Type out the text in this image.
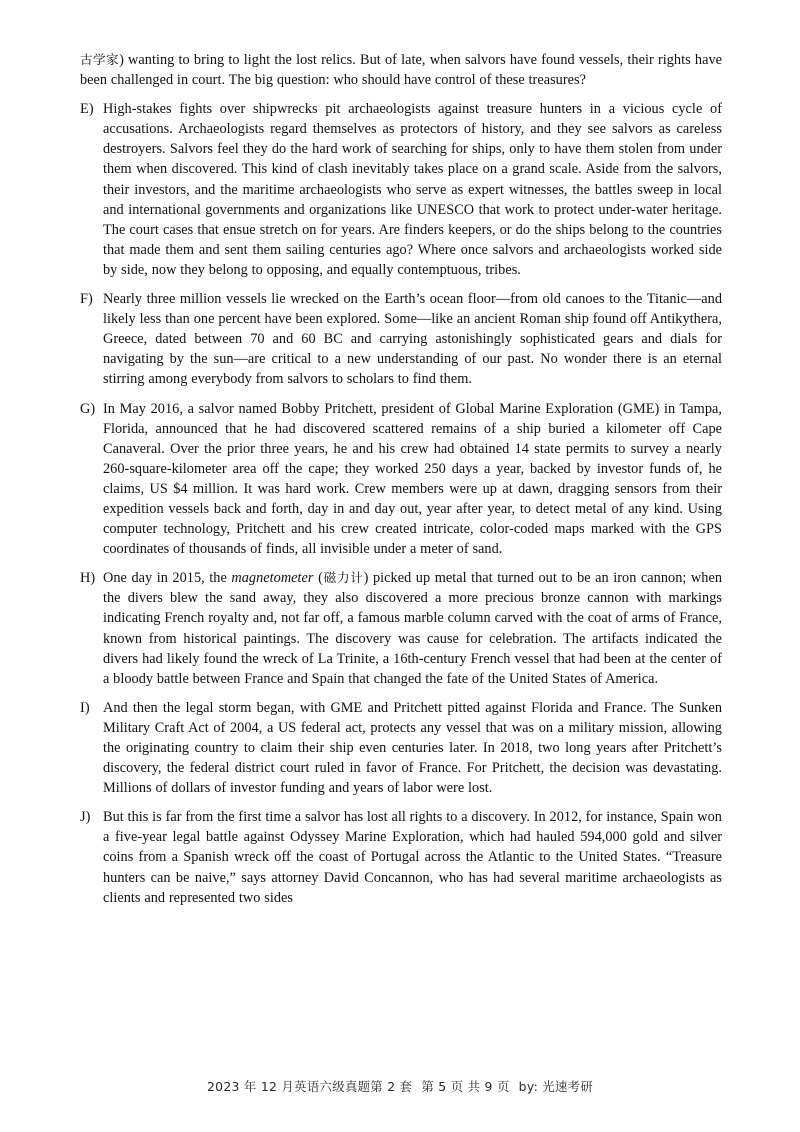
古学家) wanting to bring to light the lost relics. But of late, when salvors have found vessels, their rights have been challenged in court. The big question: who should have control of these treasures?
E) High-stakes fights over shipwrecks pit archaeologists against treasure hunters in a vicious cycle of accusations. Archaeologists regard themselves as protectors of history, and they see salvors as careless destroyers. Salvors feel they do the hard work of searching for ships, only to have them stolen from under them when discovered. This kind of clash inevitably takes place on a grand scale. Aside from the salvors, their investors, and the maritime archaeologists who serve as expert witnesses, the battles sweep in local and international governments and organizations like UNESCO that work to protect under-water heritage. The court cases that ensue stretch on for years. Are finders keepers, or do the ships belong to the countries that made them and sent them sailing centuries ago? Where once salvors and archaeologists worked side by side, now they belong to opposing, and equally contemptuous, tribes.
F) Nearly three million vessels lie wrecked on the Earth’s ocean floor—from old canoes to the Titanic—and likely less than one percent have been explored. Some—like an ancient Roman ship found off Antikythera, Greece, dated between 70 and 60 BC and carrying astonishingly sophisticated gears and dials for navigating by the sun—are critical to a new understanding of our past. No wonder there is an eternal stirring among everybody from salvors to scholars to find them.
G) In May 2016, a salvor named Bobby Pritchett, president of Global Marine Exploration (GME) in Tampa, Florida, announced that he had discovered scattered remains of a ship buried a kilometer off Cape Canaveral. Over the prior three years, he and his crew had obtained 14 state permits to survey a nearly 260-square-kilometer area off the cape; they worked 250 days a year, backed by investor funds of, he claims, US $4 million. It was hard work. Crew members were up at dawn, dragging sensors from their expedition vessels back and forth, day in and day out, year after year, to detect metal of any kind. Using computer technology, Pritchett and his crew created intricate, color-coded maps marked with the GPS coordinates of thousands of finds, all invisible under a meter of sand.
H) One day in 2015, the magnetometer (磁力计) picked up metal that turned out to be an iron cannon; when the divers blew the sand away, they also discovered a more precious bronze cannon with markings indicating French royalty and, not far off, a famous marble column carved with the coat of arms of France, known from historical paintings. The discovery was cause for celebration. The artifacts indicated the divers had likely found the wreck of La Trinite, a 16th-century French vessel that had been at the center of a bloody battle between France and Spain that changed the fate of the United States of America.
I) And then the legal storm began, with GME and Pritchett pitted against Florida and France. The Sunken Military Craft Act of 2004, a US federal act, protects any vessel that was on a military mission, allowing the originating country to claim their ship even centuries later. In 2018, two long years after Pritchett’s discovery, the federal district court ruled in favor of France. For Pritchett, the decision was devastating. Millions of dollars of investor funding and years of labor were lost.
J) But this is far from the first time a salvor has lost all rights to a discovery. In 2012, for instance, Spain won a five-year legal battle against Odyssey Marine Exploration, which had hauled 594,000 gold and silver coins from a Spanish wreck off the coast of Portugal across the Atlantic to the United States. “Treasure hunters can be naive,” says attorney David Concannon, who has had several maritime archaeologists as clients and represented two sides
2023 年 12 月英语六级真题第 2 套 第 5 页 共 9 页 by: 光速考研
